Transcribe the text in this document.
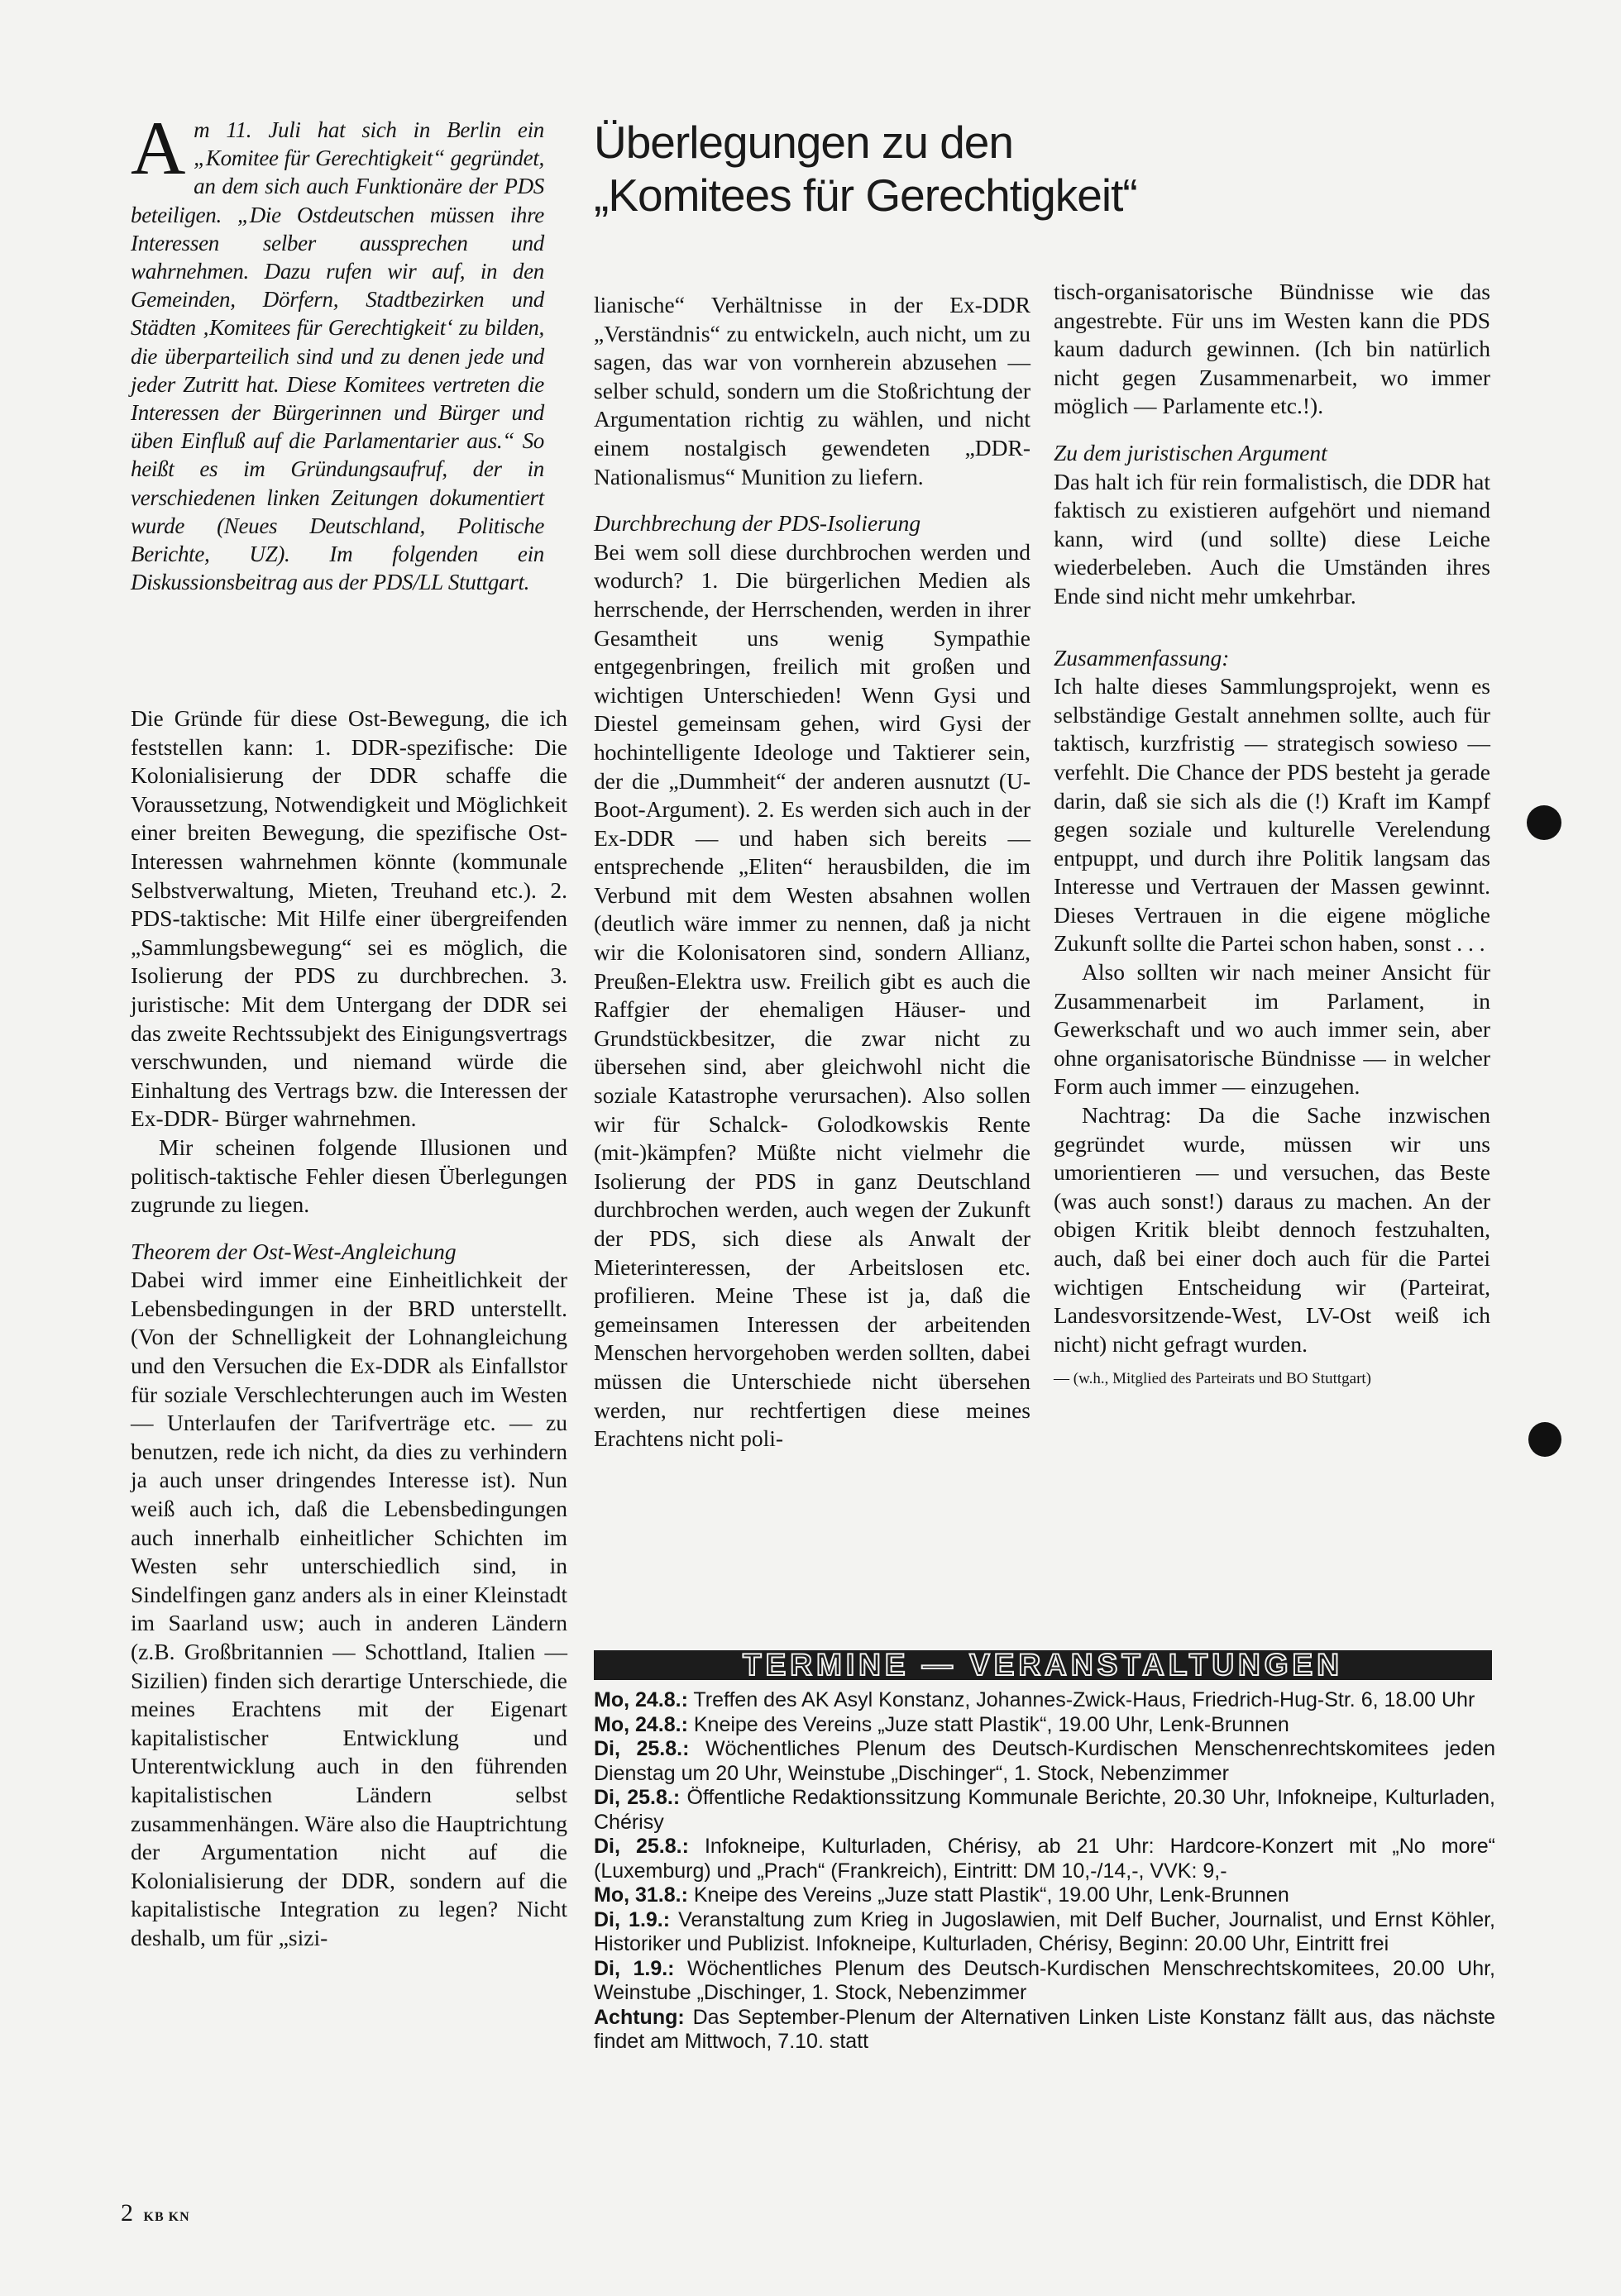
A m 11. Juli hat sich in Berlin ein „Komitee für Gerechtigkeit“ gegründet, an dem sich auch Funktionäre der PDS beteiligen. „Die Ostdeutschen müssen ihre Interessen selber aussprechen und wahrnehmen. Dazu rufen wir auf, in den Gemeinden, Dörfern, Stadtbezirken und Städten ‚Komitees für Gerechtigkeit‘ zu bilden, die überparteilich sind und zu denen jede und jeder Zutritt hat. Diese Komitees vertreten die Interessen der Bürgerinnen und Bürger und üben Einfluß auf die Parlamentarier aus.“ So heißt es im Gründungsaufruf, der in verschiedenen linken Zeitungen dokumentiert wurde (Neues Deutschland, Politische Berichte, UZ). Im folgenden ein Diskussionsbeitrag aus der PDS/LL Stuttgart.

Überlegungen zu den
„Komitees für Gerechtigkeit“

Die Gründe für diese Ost-Bewegung, die ich feststellen kann: 1. DDR-spezifische: Die Kolonialisierung der DDR schaffe die Voraussetzung, Notwendigkeit und Möglichkeit einer breiten Bewegung, die spezifische Ost-Interessen wahrnehmen könnte (kommunale Selbstverwaltung, Mieten, Treuhand etc.). 2. PDS-taktische: Mit Hilfe einer übergreifenden „Sammlungsbewegung“ sei es möglich, die Isolierung der PDS zu durchbrechen. 3. juristische: Mit dem Untergang der DDR sei das zweite Rechtssubjekt des Einigungsvertrags verschwunden, und niemand würde die Einhaltung des Vertrags bzw. die Interessen der Ex-DDR- Bürger wahrnehmen.

Mir scheinen folgende Illusionen und politisch-taktische Fehler diesen Überlegungen zugrunde zu liegen.

Theorem der Ost-West-Angleichung

Dabei wird immer eine Einheitlichkeit der Lebensbedingungen in der BRD unterstellt. (Von der Schnelligkeit der Lohnangleichung und den Versuchen die Ex-DDR als Einfallstor für soziale Verschlechterungen auch im Westen — Unterlaufen der Tarifverträge etc. — zu benutzen, rede ich nicht, da dies zu verhindern ja auch unser dringendes Interesse ist). Nun weiß auch ich, daß die Lebensbedingungen auch innerhalb einheitlicher Schichten im Westen sehr unterschiedlich sind, in Sindelfingen ganz anders als in einer Kleinstadt im Saarland usw; auch in anderen Ländern (z.B. Großbritannien — Schottland, Italien — Sizilien) finden sich derartige Unterschiede, die meines Erachtens mit der Eigenart kapitalistischer Entwicklung und Unterentwicklung auch in den führenden kapitalistischen Ländern selbst zusammenhängen. Wäre also die Hauptrichtung der Argumentation nicht auf die Kolonialisierung der DDR, sondern auf die kapitalistische Integration zu legen? Nicht deshalb, um für „sizi-

lianische“ Verhältnisse in der Ex-DDR „Verständnis“ zu entwickeln, auch nicht, um zu sagen, das war von vornherein abzusehen — selber schuld, sondern um die Stoßrichtung der Argumentation richtig zu wählen, und nicht einem nostalgisch gewendeten „DDR- Nationalismus“ Munition zu liefern.

Durchbrechung der PDS-Isolierung

Bei wem soll diese durchbrochen werden und wodurch? 1. Die bürgerlichen Medien als herrschende, der Herrschenden, werden in ihrer Gesamtheit uns wenig Sympathie entgegenbringen, freilich mit großen und wichtigen Unterschieden! Wenn Gysi und Diestel gemeinsam gehen, wird Gysi der hochintelligente Ideologe und Taktierer sein, der die „Dummheit“ der anderen ausnutzt (U-Boot-Argument). 2. Es werden sich auch in der Ex-DDR — und haben sich bereits — entsprechende „Eliten“ herausbilden, die im Verbund mit dem Westen absahnen wollen (deutlich wäre immer zu nennen, daß ja nicht wir die Kolonisatoren sind, sondern Allianz, Preußen-Elektra usw. Freilich gibt es auch die Raffgier der ehemaligen Häuser- und Grundstückbesitzer, die zwar nicht zu übersehen sind, aber gleichwohl nicht die soziale Katastrophe verursachen). Also sollen wir für Schalck- Golodkowskis Rente (mit-)kämpfen? Müßte nicht vielmehr die Isolierung der PDS in ganz Deutschland durchbrochen werden, auch wegen der Zukunft der PDS, sich diese als Anwalt der Mieterinteressen, der Arbeitslosen etc. profilieren. Meine These ist ja, daß die gemeinsamen Interessen der arbeitenden Menschen hervorgehoben werden sollten, dabei müssen die Unterschiede nicht übersehen werden, nur rechtfertigen diese meines Erachtens nicht poli-

tisch-organisatorische Bündnisse wie das angestrebte. Für uns im Westen kann die PDS kaum dadurch gewinnen. (Ich bin natürlich nicht gegen Zusammenarbeit, wo immer möglich — Parlamente etc.!).

Zu dem juristischen Argument

Das halt ich für rein formalistisch, die DDR hat faktisch zu existieren aufgehört und niemand kann, wird (und sollte) diese Leiche wiederbeleben. Auch die Umständen ihres Ende sind nicht mehr umkehrbar.

Zusammenfassung:

Ich halte dieses Sammlungsprojekt, wenn es selbständige Gestalt annehmen sollte, auch für taktisch, kurzfristig — strategisch sowieso — verfehlt. Die Chance der PDS besteht ja gerade darin, daß sie sich als die (!) Kraft im Kampf gegen soziale und kulturelle Verelendung entpuppt, und durch ihre Politik langsam das Interesse und Vertrauen der Massen gewinnt. Dieses Vertrauen in die eigene mögliche Zukunft sollte die Partei schon haben, sonst . . .

Also sollten wir nach meiner Ansicht für Zusammenarbeit im Parlament, in Gewerkschaft und wo auch immer sein, aber ohne organisatorische Bündnisse — in welcher Form auch immer — einzugehen.

Nachtrag: Da die Sache inzwischen gegründet wurde, müssen wir uns umorientieren — und versuchen, das Beste (was auch sonst!) daraus zu machen. An der obigen Kritik bleibt dennoch festzuhalten, auch, daß bei einer doch auch für die Partei wichtigen Entscheidung wir (Parteirat, Landesvorsitzende-West, LV-Ost weiß ich nicht) nicht gefragt wurden.

— (w.h., Mitglied des Parteirats und BO Stuttgart)

TERMINE — VERANSTALTUNGEN

Mo, 24.8.: Treffen des AK Asyl Konstanz, Johannes-Zwick-Haus, Friedrich-Hug-Str. 6, 18.00 Uhr

Mo, 24.8.: Kneipe des Vereins „Juze statt Plastik“, 19.00 Uhr, Lenk-Brunnen

Di, 25.8.: Wöchentliches Plenum des Deutsch-Kurdischen Menschenrechtskomitees jeden Dienstag um 20 Uhr, Weinstube „Dischinger“, 1. Stock, Nebenzimmer

Di, 25.8.: Öffentliche Redaktionssitzung Kommunale Berichte, 20.30 Uhr, Infokneipe, Kulturladen, Chérisy

Di, 25.8.: Infokneipe, Kulturladen, Chérisy, ab 21 Uhr: Hardcore-Konzert mit „No more“ (Luxemburg) und „Prach“ (Frankreich), Eintritt: DM 10,-/14,-, VVK: 9,-

Mo, 31.8.: Kneipe des Vereins „Juze statt Plastik“, 19.00 Uhr, Lenk-Brunnen

Di, 1.9.: Veranstaltung zum Krieg in Jugoslawien, mit Delf Bucher, Journalist, und Ernst Köhler, Historiker und Publizist. Infokneipe, Kulturladen, Chérisy, Beginn: 20.00 Uhr, Eintritt frei

Di, 1.9.: Wöchentliches Plenum des Deutsch-Kurdischen Menschrechtskomitees, 20.00 Uhr, Weinstube „Dischinger, 1. Stock, Nebenzimmer

Achtung: Das September-Plenum der Alternativen Linken Liste Konstanz fällt aus, das nächste findet am Mittwoch, 7.10. statt

2 KB KN
